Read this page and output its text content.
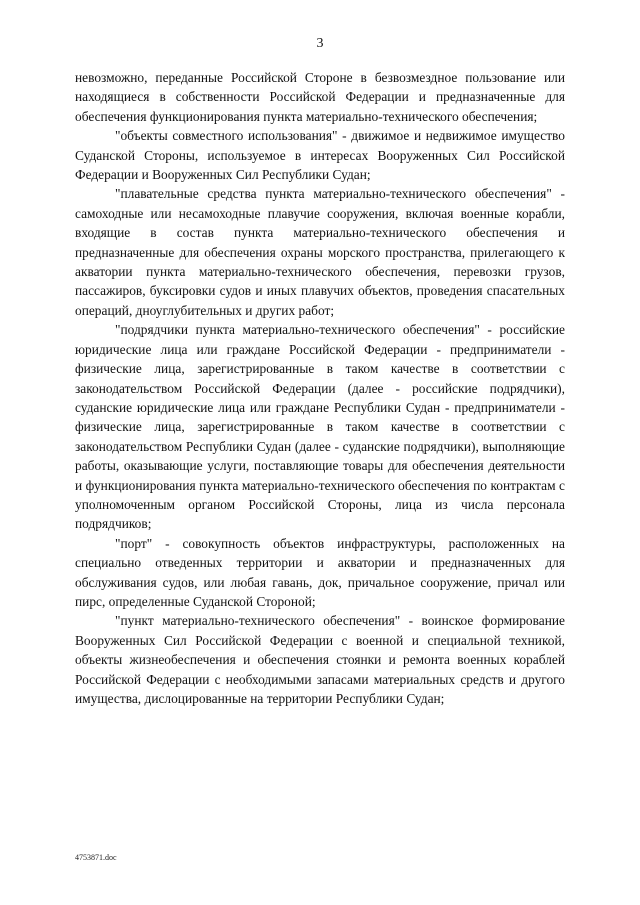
3

невозможно, переданные Российской Стороне в безвозмездное пользование или находящиеся в собственности Российской Федерации и предназначенные для обеспечения функционирования пункта материально-технического обеспечения;

"объекты совместного использования" - движимое и недвижимое имущество Суданской Стороны, используемое в интересах Вооруженных Сил Российской Федерации и Вооруженных Сил Республики Судан;

"плавательные средства пункта материально-технического обеспечения" - самоходные или несамоходные плавучие сооружения, включая военные корабли, входящие в состав пункта материально-технического обеспечения и предназначенные для обеспечения охраны морского пространства, прилегающего к акватории пункта материально-технического обеспечения, перевозки грузов, пассажиров, буксировки судов и иных плавучих объектов, проведения спасательных операций, дноуглубительных и других работ;

"подрядчики пункта материально-технического обеспечения" - российские юридические лица или граждане Российской Федерации - предприниматели - физические лица, зарегистрированные в таком качестве в соответствии с законодательством Российской Федерации (далее - российские подрядчики), суданские юридические лица или граждане Республики Судан - предприниматели - физические лица, зарегистрированные в таком качестве в соответствии с законодательством Республики Судан (далее - суданские подрядчики), выполняющие работы, оказывающие услуги, поставляющие товары для обеспечения деятельности и функционирования пункта материально-технического обеспечения по контрактам с уполномоченным органом Российской Стороны, лица из числа персонала подрядчиков;

"порт" - совокупность объектов инфраструктуры, расположенных на специально отведенных территории и акватории и предназначенных для обслуживания судов, или любая гавань, док, причальное сооружение, причал или пирс, определенные Суданской Стороной;

"пункт материально-технического обеспечения" - воинское формирование Вооруженных Сил Российской Федерации с военной и специальной техникой, объекты жизнеобеспечения и обеспечения стоянки и ремонта военных кораблей Российской Федерации с необходимыми запасами материальных средств и другого имущества, дислоцированные на территории Республики Судан;

4753871.doc
